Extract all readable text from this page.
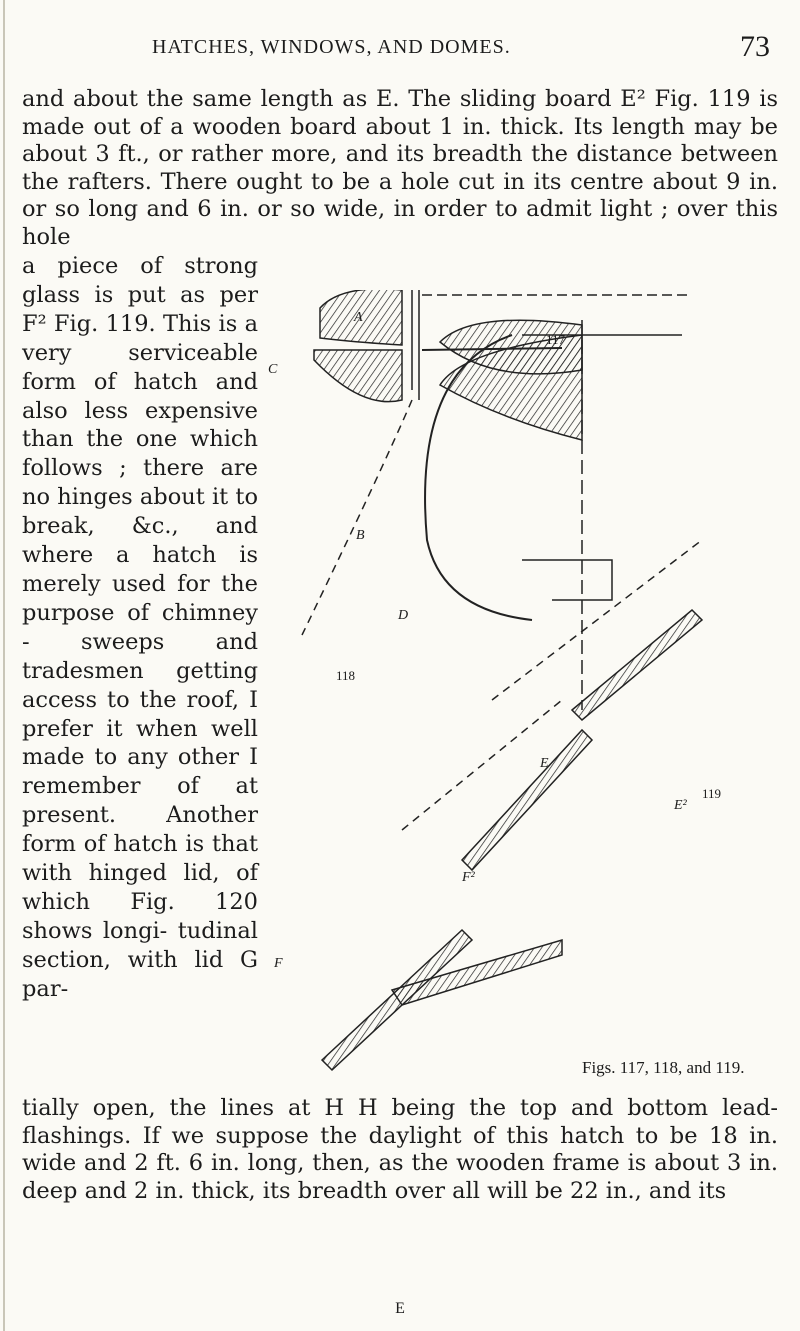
HATCHES, WINDOWS, AND DOMES.	73

and about the same length as E. The sliding board E² Fig. 119 is made out of a wooden board about 1 in. thick. Its length may be about 3 ft., or rather more, and its breadth the distance between the rafters. There ought to be a hole cut in its centre about 9 in. or so long and 6 in. or so wide, in order to admit light ; over this hole

a piece of strong glass is put as per F² Fig. 119. This is a very serviceable form of hatch and also less expensive than the one which follows ; there are no hinges about it to break, &c., and where a hatch is merely used for the purpose of chimney - sweeps and tradesmen getting access to the roof, I prefer it when well made to any other I remember of at present. Another form of hatch is that with hinged lid, of which Fig. 120 shows longi- tudinal section, with lid G par-

117
118
119
A
B
C
D
E
E²
F
F²
Figs. 117, 118, and 119.

tially open, the lines at H H being the top and bottom lead-flashings. If we suppose the daylight of this hatch to be 18 in. wide and 2 ft. 6 in. long, then, as the wooden frame is about 3 in. deep and 2 in. thick, its breadth over all will be 22 in., and its

E
